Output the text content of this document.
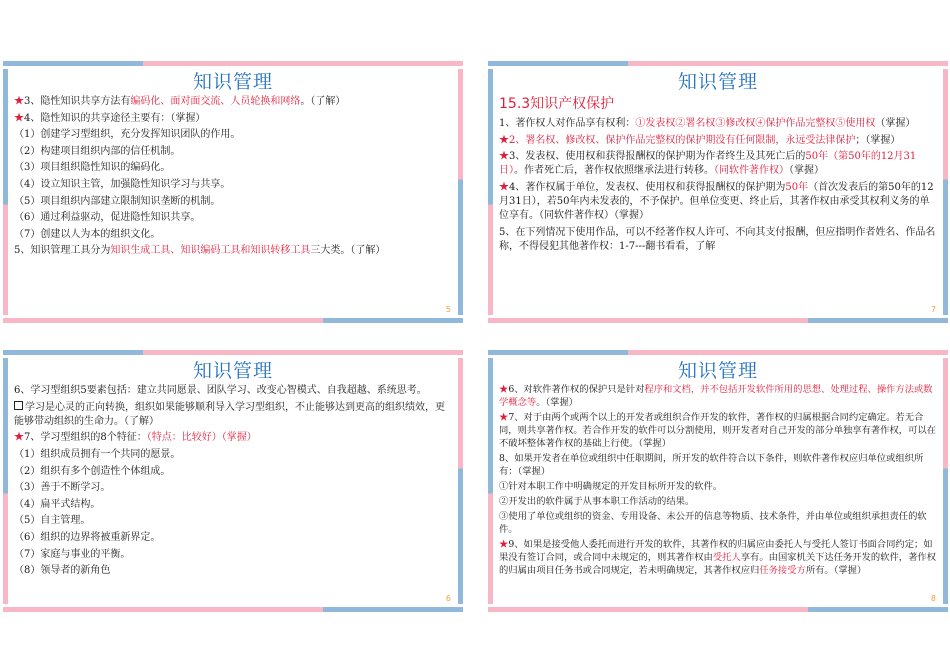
知识管理

★3、隐性知识共享方法有编码化、面对面交流、人员轮换和网络。（了解）

★4、隐性知识的共享途径主要有：（掌握）

（1）创建学习型组织，充分发挥知识团队的作用。

（2）构建项目组织内部的信任机制。

（3）项目组织隐性知识的编码化。

（4）设立知识主管，加强隐性知识学习与共享。

（5）项目组织内部建立限制知识垄断的机制。

（6）通过利益驱动，促进隐性知识共享。

（7）创建以人为本的组织文化。

5、知识管理工具分为知识生成工具、知识编码工具和知识转移工具三大类。（了解）

5
知识管理

15.3知识产权保护

1、著作权人对作品享有权利：①发表权②署名权③修改权④保护作品完整权⑤使用权（掌握）

★2、署名权、修改权、保护作品完整权的保护期没有任何限制，永远受法律保护；（掌握）

★3、发表权、使用权和获得报酬权的保护期为作者终生及其死亡后的50年（第50年的12月31日）。作者死亡后，著作权依照继承法进行转移。（同软件著作权）（掌握）

★4、著作权属于单位，发表权、使用权和获得报酬权的保护期为50年（首次发表后的第50年的12月31日），若50年内未发表的，不予保护。但单位变更、终止后，其著作权由承受其权利义务的单位享有。（同软件著作权）（掌握）

5、在下列情况下使用作品，可以不经著作权人许可、不向其支付报酬，但应指明作者姓名、作品名称，不得侵犯其他著作权：1-7---翻书看看，了解

7
知识管理

6、学习型组织5要素包括：建立共同愿景、团队学习、改变心智模式、自我超越、系统思考。

学习是心灵的正向转换，组织如果能够顺利导入学习型组织，不止能够达到更高的组织绩效，更能够带动组织的生命力。（了解）

★7、学习型组织的8个特征：（特点：比较好）（掌握）

（1）组织成员拥有一个共同的愿景。

（2）组织有多个创造性个体组成。

（3）善于不断学习。

（4）扁平式结构。

（5）自主管理。

（6）组织的边界将被重新界定。

（7）家庭与事业的平衡。

（8）领导者的新角色

6
知识管理

★6、对软件著作权的保护只是针对程序和文档，并不包括开发软件所用的思想、处理过程、操作方法或数学概念等。（掌握）

★7、对于由两个或两个以上的开发者或组织合作开发的软件，著作权的归属根据合同约定确定。若无合同，则共享著作权。若合作开发的软件可以分割使用，则开发者对自己开发的部分单独享有著作权，可以在不破坏整体著作权的基础上行使。（掌握）

8、如果开发者在单位或组织中任职期间，所开发的软件符合以下条件，则软件著作权应归单位或组织所有：（掌握）

①针对本职工作中明确规定的开发目标所开发的软件。

②开发出的软件属于从事本职工作活动的结果。

③使用了单位或组织的资金、专用设备、未公开的信息等物质、技术条件，并由单位或组织承担责任的软件。

★9、如果是接受他人委托而进行开发的软件，其著作权的归属应由委托人与受托人签订书面合同约定；如果没有签订合同，或合同中未规定的，则其著作权由受托人享有。由国家机关下达任务开发的软件，著作权的归属由项目任务书或合同规定，若未明确规定，其著作权应归任务接受方所有。（掌握）

8
